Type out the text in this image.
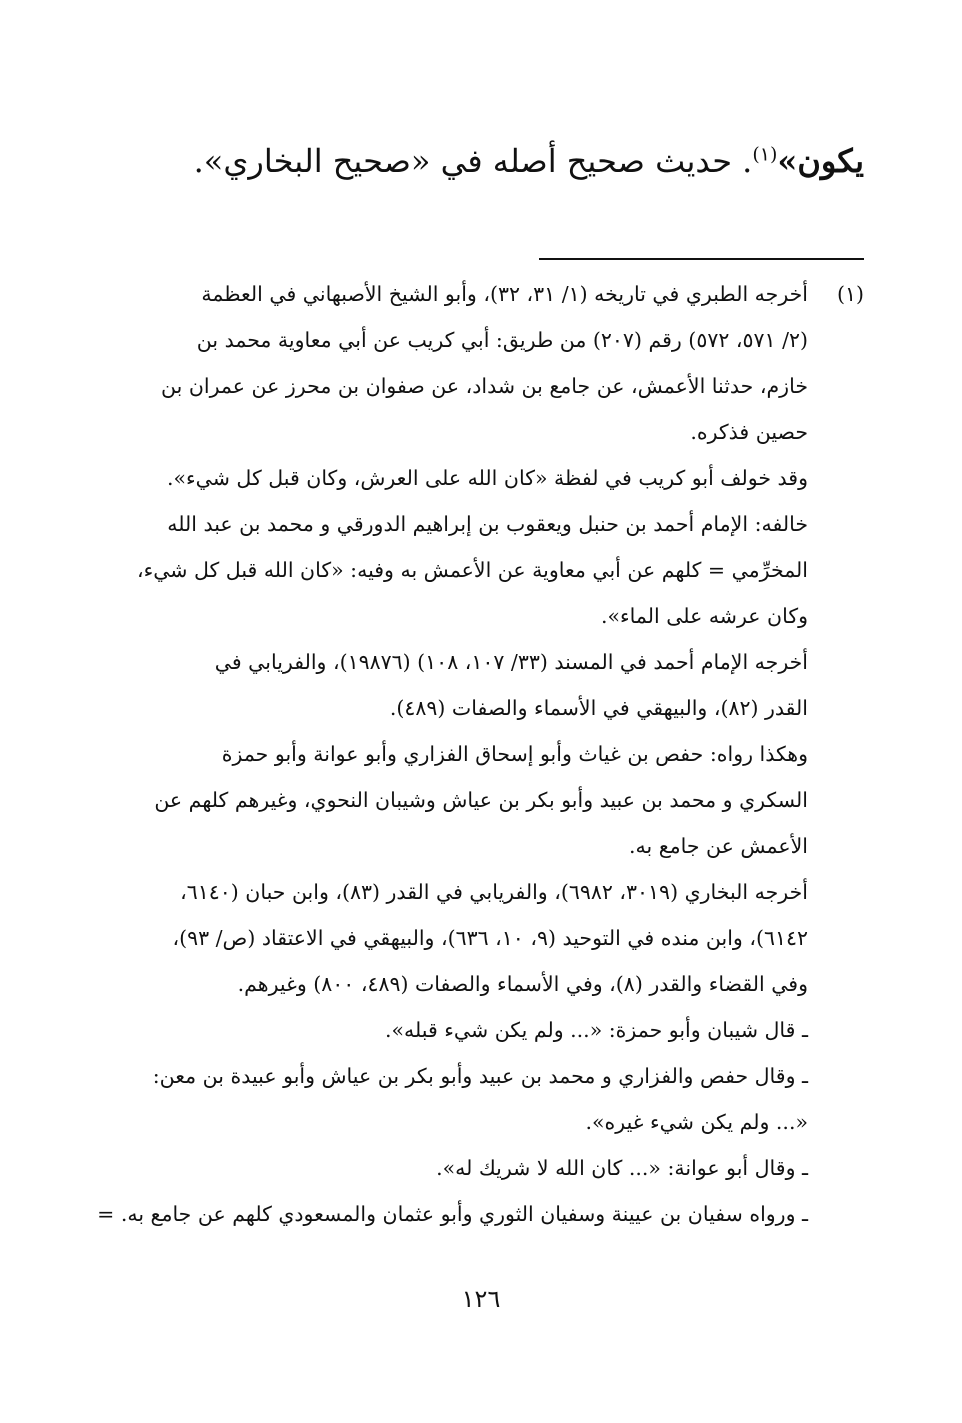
يكون»$^{(١)}$. حديث صحيح أصله في «صحيح البخاري».
(١)
أخرجه الطبري في تاريخه (١/ ٣١، ٣٢)، وأبو الشيخ الأصبهاني في العظمة
(٢/ ٥٧١، ٥٧٢) رقم (٢٠٧) من طريق: أبي كريب عن أبي معاوية محمد بن
خازم، حدثنا الأعمش، عن جامع بن شداد، عن صفوان بن محرز عن عمران بن
حصين فذكره.
وقد خولف أبو كريب في لفظة «كان الله على العرش، وكان قبل كل شيء».
خالفه: الإمام أحمد بن حنبل ويعقوب بن إبراهيم الدورقي و محمد بن عبد الله
المخرِّمي = كلهم عن أبي معاوية عن الأعمش به وفيه: «كان الله قبل كل شيء،
وكان عرشه على الماء».
أخرجه الإمام أحمد في المسند (٣٣/ ١٠٧، ١٠٨) (١٩٨٧٦)، والفريابي في
القدر (٨٢)، والبيهقي في الأسماء والصفات (٤٨٩).
وهكذا رواه: حفص بن غياث وأبو إسحاق الفزاري وأبو عوانة وأبو حمزة
السكري و محمد بن عبيد وأبو بكر بن عياش وشيبان النحوي، وغيرهم كلهم عن
الأعمش عن جامع به.
أخرجه البخاري (٣٠١٩، ٦٩٨٢)، والفريابي في القدر (٨٣)، وابن حبان (٦١٤٠،
٦١٤٢)، وابن منده في التوحيد (٩، ١٠، ٦٣٦)، والبيهقي في الاعتقاد (ص/ ٩٣)،
وفي القضاء والقدر (٨)، وفي الأسماء والصفات (٤٨٩، ٨٠٠) وغيرهم.
ـ قال شيبان وأبو حمزة: «... ولم يكن شيء قبله».
ـ وقال حفص والفزاري و محمد بن عبيد وأبو بكر بن عياش وأبو عبيدة بن معن:
«... ولم يكن شيء غيره».
ـ وقال أبو عوانة: «... كان الله لا شريك له».
ـ ورواه سفيان بن عيينة وسفيان الثوري وأبو عثمان والمسعودي كلهم عن جامع به. =
١٢٦
